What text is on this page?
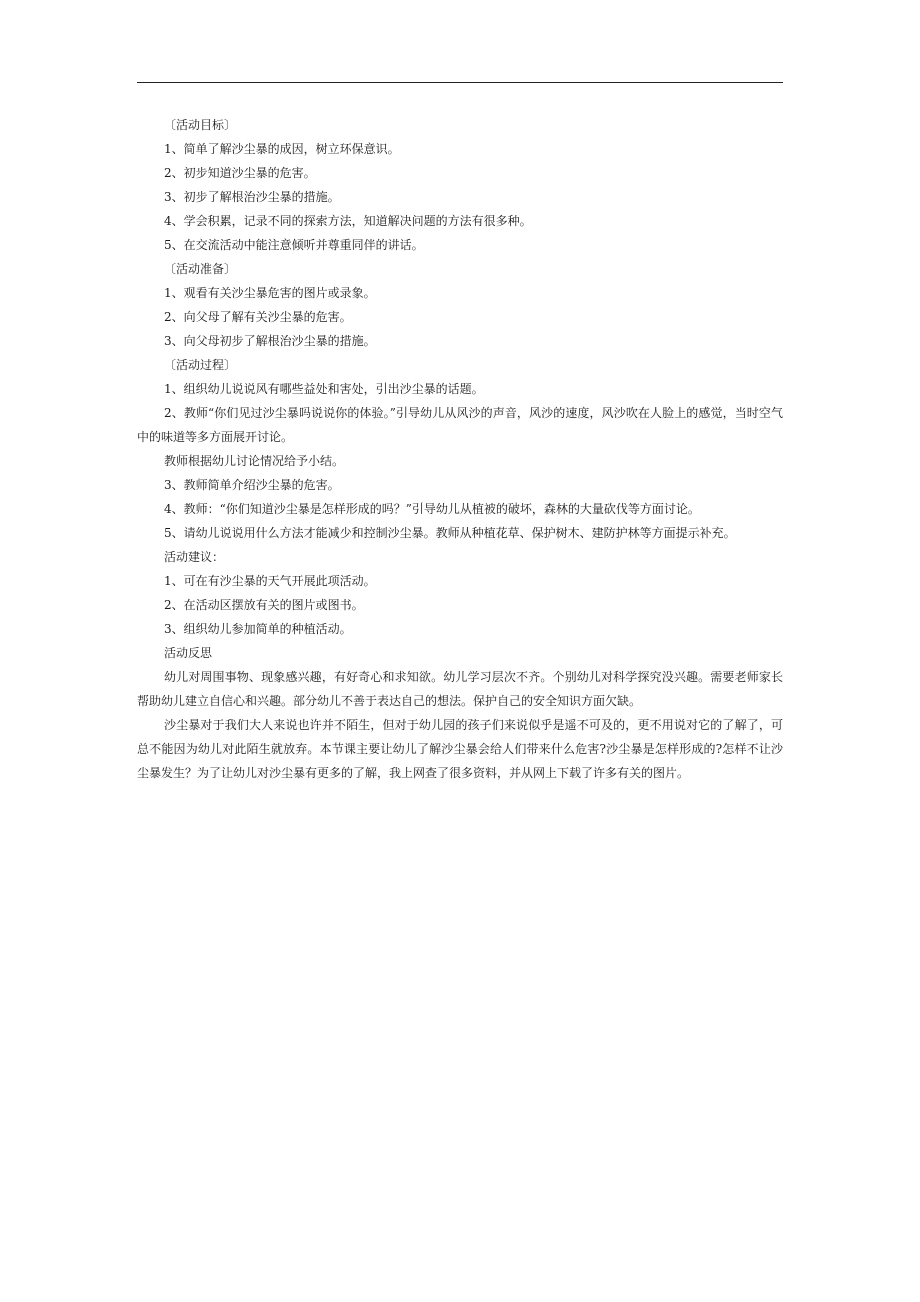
〔活动目标〕
1、简单了解沙尘暴的成因，树立环保意识。
2、初步知道沙尘暴的危害。
3、初步了解根治沙尘暴的措施。
4、学会积累，记录不同的探索方法，知道解决问题的方法有很多种。
5、在交流活动中能注意倾听并尊重同伴的讲话。
〔活动准备〕
1、观看有关沙尘暴危害的图片或录象。
2、向父母了解有关沙尘暴的危害。
3、向父母初步了解根治沙尘暴的措施。
〔活动过程〕
1、组织幼儿说说风有哪些益处和害处，引出沙尘暴的话题。
2、教师“你们见过沙尘暴吗说说你的体验。”引导幼儿从风沙的声音，风沙的速度，风沙吹在人脸上的感觉，当时空气中的味道等多方面展开讨论。
教师根据幼儿讨论情况给予小结。
3、教师简单介绍沙尘暴的危害。
4、教师：“你们知道沙尘暴是怎样形成的吗？”引导幼儿从植被的破坏，森林的大量砍伐等方面讨论。
5、请幼儿说说用什么方法才能减少和控制沙尘暴。教师从种植花草、保护树木、建防护林等方面提示补充。
活动建议：
1、可在有沙尘暴的天气开展此项活动。
2、在活动区摆放有关的图片或图书。
3、组织幼儿参加简单的种植活动。
活动反思
幼儿对周围事物、现象感兴趣，有好奇心和求知欲。幼儿学习层次不齐。个别幼儿对科学探究没兴趣。需要老师家长帮助幼儿建立自信心和兴趣。部分幼儿不善于表达自己的想法。保护自己的安全知识方面欠缺。
沙尘暴对于我们大人来说也许并不陌生，但对于幼儿园的孩子们来说似乎是遥不可及的，更不用说对它的了解了，可总不能因为幼儿对此陌生就放弃。本节课主要让幼儿了解沙尘暴会给人们带来什么危害?沙尘暴是怎样形成的?怎样不让沙尘暴发生？为了让幼儿对沙尘暴有更多的了解，我上网查了很多资料，并从网上下载了许多有关的图片。
